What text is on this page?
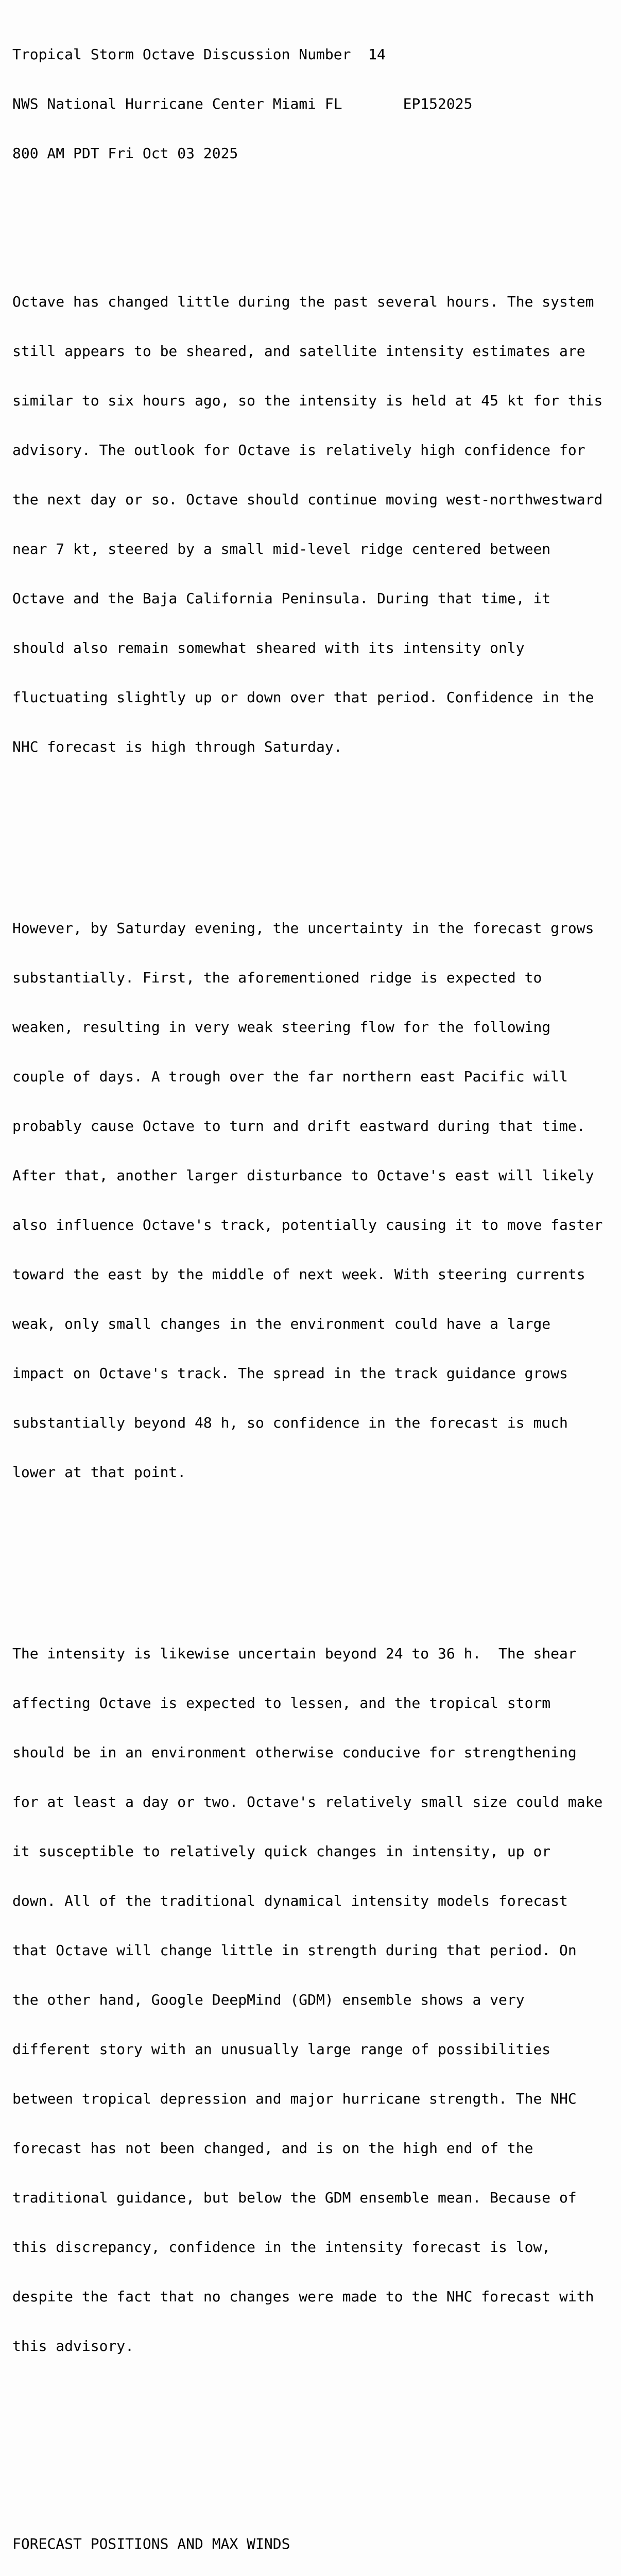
Tropical Storm Octave Discussion Number  14

NWS National Hurricane Center Miami FL       EP152025

800 AM PDT Fri Oct 03 2025

Octave has changed little during the past several hours. The system

still appears to be sheared, and satellite intensity estimates are

similar to six hours ago, so the intensity is held at 45 kt for this

advisory. The outlook for Octave is relatively high confidence for

the next day or so. Octave should continue moving west-northwestward

near 7 kt, steered by a small mid-level ridge centered between

Octave and the Baja California Peninsula. During that time, it

should also remain somewhat sheared with its intensity only

fluctuating slightly up or down over that period. Confidence in the

NHC forecast is high through Saturday.

However, by Saturday evening, the uncertainty in the forecast grows

substantially. First, the aforementioned ridge is expected to

weaken, resulting in very weak steering flow for the following

couple of days. A trough over the far northern east Pacific will

probably cause Octave to turn and drift eastward during that time.

After that, another larger disturbance to Octave's east will likely

also influence Octave's track, potentially causing it to move faster

toward the east by the middle of next week. With steering currents

weak, only small changes in the environment could have a large

impact on Octave's track. The spread in the track guidance grows

substantially beyond 48 h, so confidence in the forecast is much

lower at that point.

The intensity is likewise uncertain beyond 24 to 36 h.  The shear

affecting Octave is expected to lessen, and the tropical storm

should be in an environment otherwise conducive for strengthening

for at least a day or two. Octave's relatively small size could make

it susceptible to relatively quick changes in intensity, up or

down. All of the traditional dynamical intensity models forecast

that Octave will change little in strength during that period. On

the other hand, Google DeepMind (GDM) ensemble shows a very

different story with an unusually large range of possibilities

between tropical depression and major hurricane strength. The NHC

forecast has not been changed, and is on the high end of the

traditional guidance, but below the GDM ensemble mean. Because of

this discrepancy, confidence in the intensity forecast is low,

despite the fact that no changes were made to the NHC forecast with

this advisory.

FORECAST POSITIONS AND MAX WINDS
